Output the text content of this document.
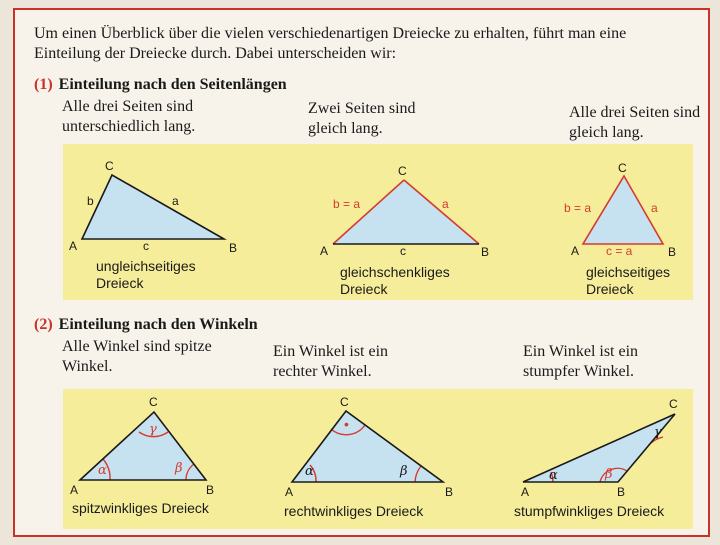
Um einen Überblick über die vielen verschiedenartigen Dreiecke zu erhalten, führt man eine Einteilung der Dreiecke durch. Dabei unterscheiden wir:

(1) Einteilung nach den Seitenlängen

Alle drei Seiten sind unterschiedlich lang.

Zwei Seiten sind gleich lang.

Alle drei Seiten sind gleich lang.

A	B
C
a
b
c

ungleichseitiges
Dreieck

A	B
C
a
b = a
c

gleichschenkliges
Dreieck

A	B
C
a
b = a
c = a

gleichseitiges
Dreieck

(2) Einteilung nach den Winkeln

Alle Winkel sind spitze Winkel.

Ein Winkel ist ein rechter Winkel.

Ein Winkel ist ein stumpfer Winkel.

A	B
C
α	β
γ

spitzwinkliges Dreieck

A	B
C
α	β
•

rechtwinkliges Dreieck

A	B
C
α	β
γ

stumpfwinkliges Dreieck
